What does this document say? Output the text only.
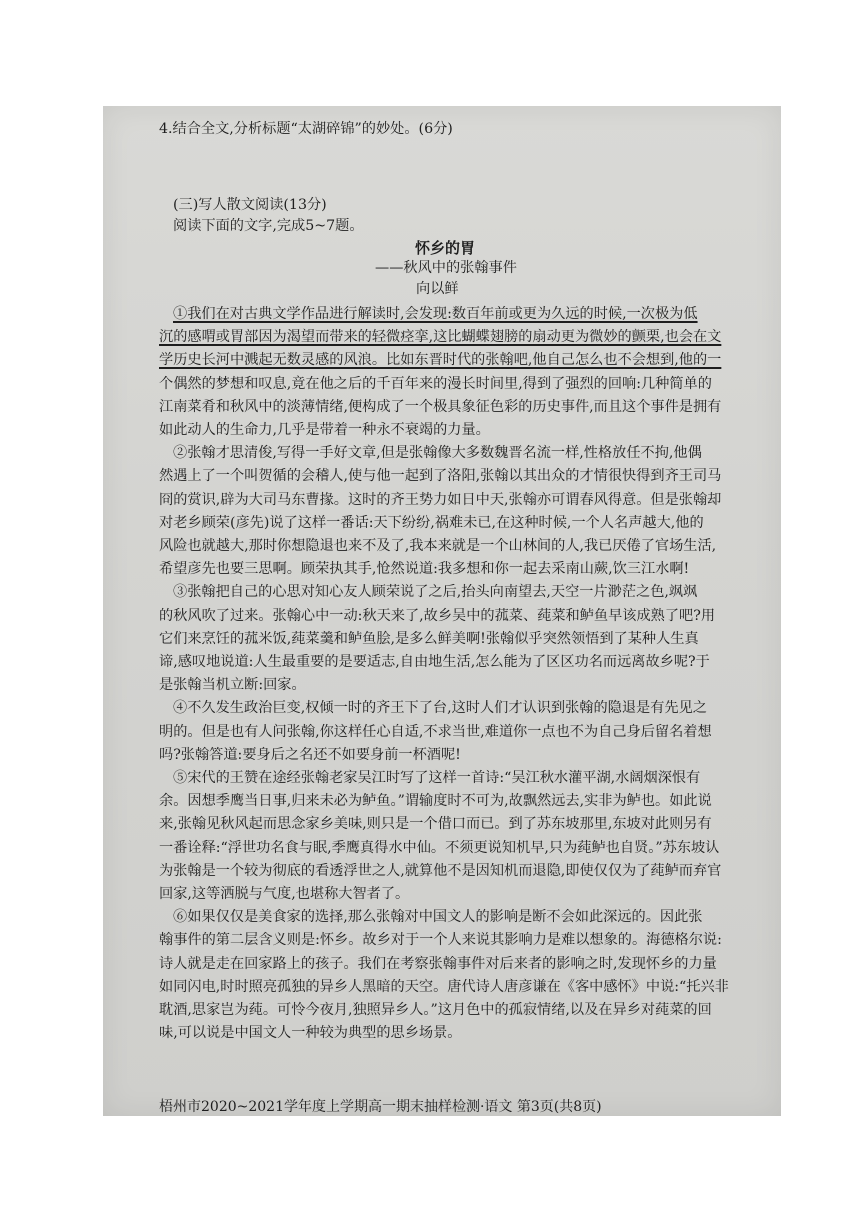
4.结合全文,分析标题“太湖碎锦”的妙处。(6分)
(三)写人散文阅读(13分)
阅读下面的文字,完成5~7题。
怀乡的胃
——秋风中的张翰事件
向以鲜
①我们在对古典文学作品进行解读时,会发现:数百年前或更为久远的时候,一次极为低
沉的感喟或胃部因为渴望而带来的轻微痉挛,这比蝴蝶翅膀的扇动更为微妙的颤栗,也会在文
学历史长河中溅起无数灵感的风浪。比如东晋时代的张翰吧,他自己怎么也不会想到,他的一
个偶然的梦想和叹息,竟在他之后的千百年来的漫长时间里,得到了强烈的回响:几种简单的
江南菜肴和秋风中的淡薄情绪,便构成了一个极具象征色彩的历史事件,而且这个事件是拥有
如此动人的生命力,几乎是带着一种永不衰竭的力量。
②张翰才思清俊,写得一手好文章,但是张翰像大多数魏晋名流一样,性格放任不拘,他偶
然遇上了一个叫贺循的会稽人,使与他一起到了洛阳,张翰以其出众的才情很快得到齐王司马
冏的赏识,辟为大司马东曹掾。这时的齐王势力如日中天,张翰亦可谓春风得意。但是张翰却
对老乡顾荣(彦先)说了这样一番话:天下纷纷,祸难未已,在这种时候,一个人名声越大,他的
风险也就越大,那时你想隐退也来不及了,我本来就是一个山林间的人,我已厌倦了官场生活,
希望彦先也要三思啊。顾荣执其手,怆然说道:我多想和你一起去采南山蕨,饮三江水啊!
③张翰把自己的心思对知心友人顾荣说了之后,抬头向南望去,天空一片渺茫之色,飒飒
的秋风吹了过来。张翰心中一动:秋天来了,故乡吴中的菰菜、莼菜和鲈鱼早该成熟了吧?用
它们来烹饪的菰米饭,莼菜羹和鲈鱼脍,是多么鲜美啊!张翰似乎突然领悟到了某种人生真
谛,感叹地说道:人生最重要的是要适志,自由地生活,怎么能为了区区功名而远离故乡呢?于
是张翰当机立断:回家。
④不久发生政治巨变,权倾一时的齐王下了台,这时人们才认识到张翰的隐退是有先见之
明的。但是也有人问张翰,你这样任心自适,不求当世,难道你一点也不为自己身后留名着想
吗?张翰答道:要身后之名还不如要身前一杯酒呢!
⑤宋代的王赞在途经张翰老家吴江时写了这样一首诗:“吴江秋水灌平湖,水阔烟深恨有
余。因想季鹰当日事,归来未必为鲈鱼。”谓输度时不可为,故飘然远去,实非为鲈也。如此说
来,张翰见秋风起而思念家乡美味,则只是一个借口而已。到了苏东坡那里,东坡对此则另有
一番诠释:“浮世功名食与眠,季鹰真得水中仙。不须更说知机早,只为莼鲈也自贤。”苏东坡认
为张翰是一个较为彻底的看透浮世之人,就算他不是因知机而退隐,即使仅仅为了莼鲈而弃官
回家,这等洒脱与气度,也堪称大智者了。
⑥如果仅仅是美食家的选择,那么张翰对中国文人的影响是断不会如此深远的。因此张
翰事件的第二层含义则是:怀乡。故乡对于一个人来说其影响力是难以想象的。海德格尔说:
诗人就是走在回家路上的孩子。我们在考察张翰事件对后来者的影响之时,发现怀乡的力量
如同闪电,时时照亮孤独的异乡人黑暗的天空。唐代诗人唐彦谦在《客中感怀》中说:“托兴非
耽酒,思家岂为莼。可怜今夜月,独照异乡人。”这月色中的孤寂情绪,以及在异乡对莼菜的回
味,可以说是中国文人一种较为典型的思乡场景。
梧州市2020~2021学年度上学期高一期末抽样检测·语文 第3页(共8页)
